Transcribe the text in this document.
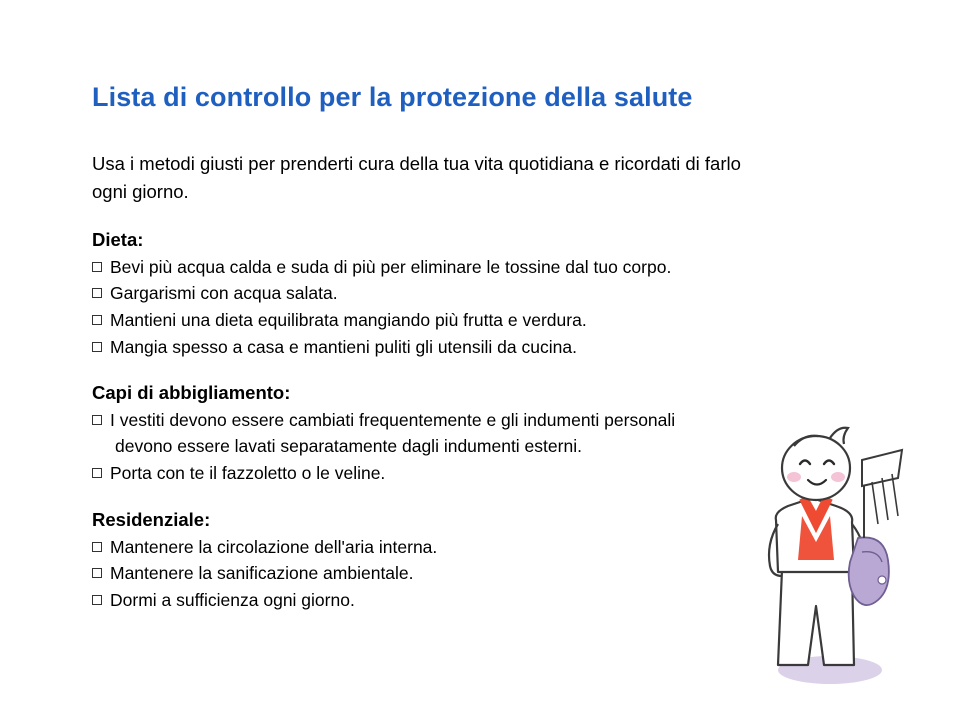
Lista di controllo per la protezione della salute
Usa i metodi giusti per prenderti cura della tua vita quotidiana e ricordati di farlo ogni giorno.
Dieta:
Bevi più acqua calda e suda di più per eliminare le tossine dal tuo corpo.
Gargarismi con acqua salata.
Mantieni una dieta equilibrata mangiando più frutta e verdura.
Mangia spesso a casa e mantieni puliti gli utensili da cucina.
Capi di abbigliamento:
I vestiti devono essere cambiati frequentemente e gli indumenti personali
devono essere lavati separatamente dagli indumenti esterni.
Porta con te il fazzoletto o le veline.
Residenziale:
Mantenere la circolazione dell'aria interna.
Mantenere la sanificazione ambientale.
Dormi a sufficienza ogni giorno.
